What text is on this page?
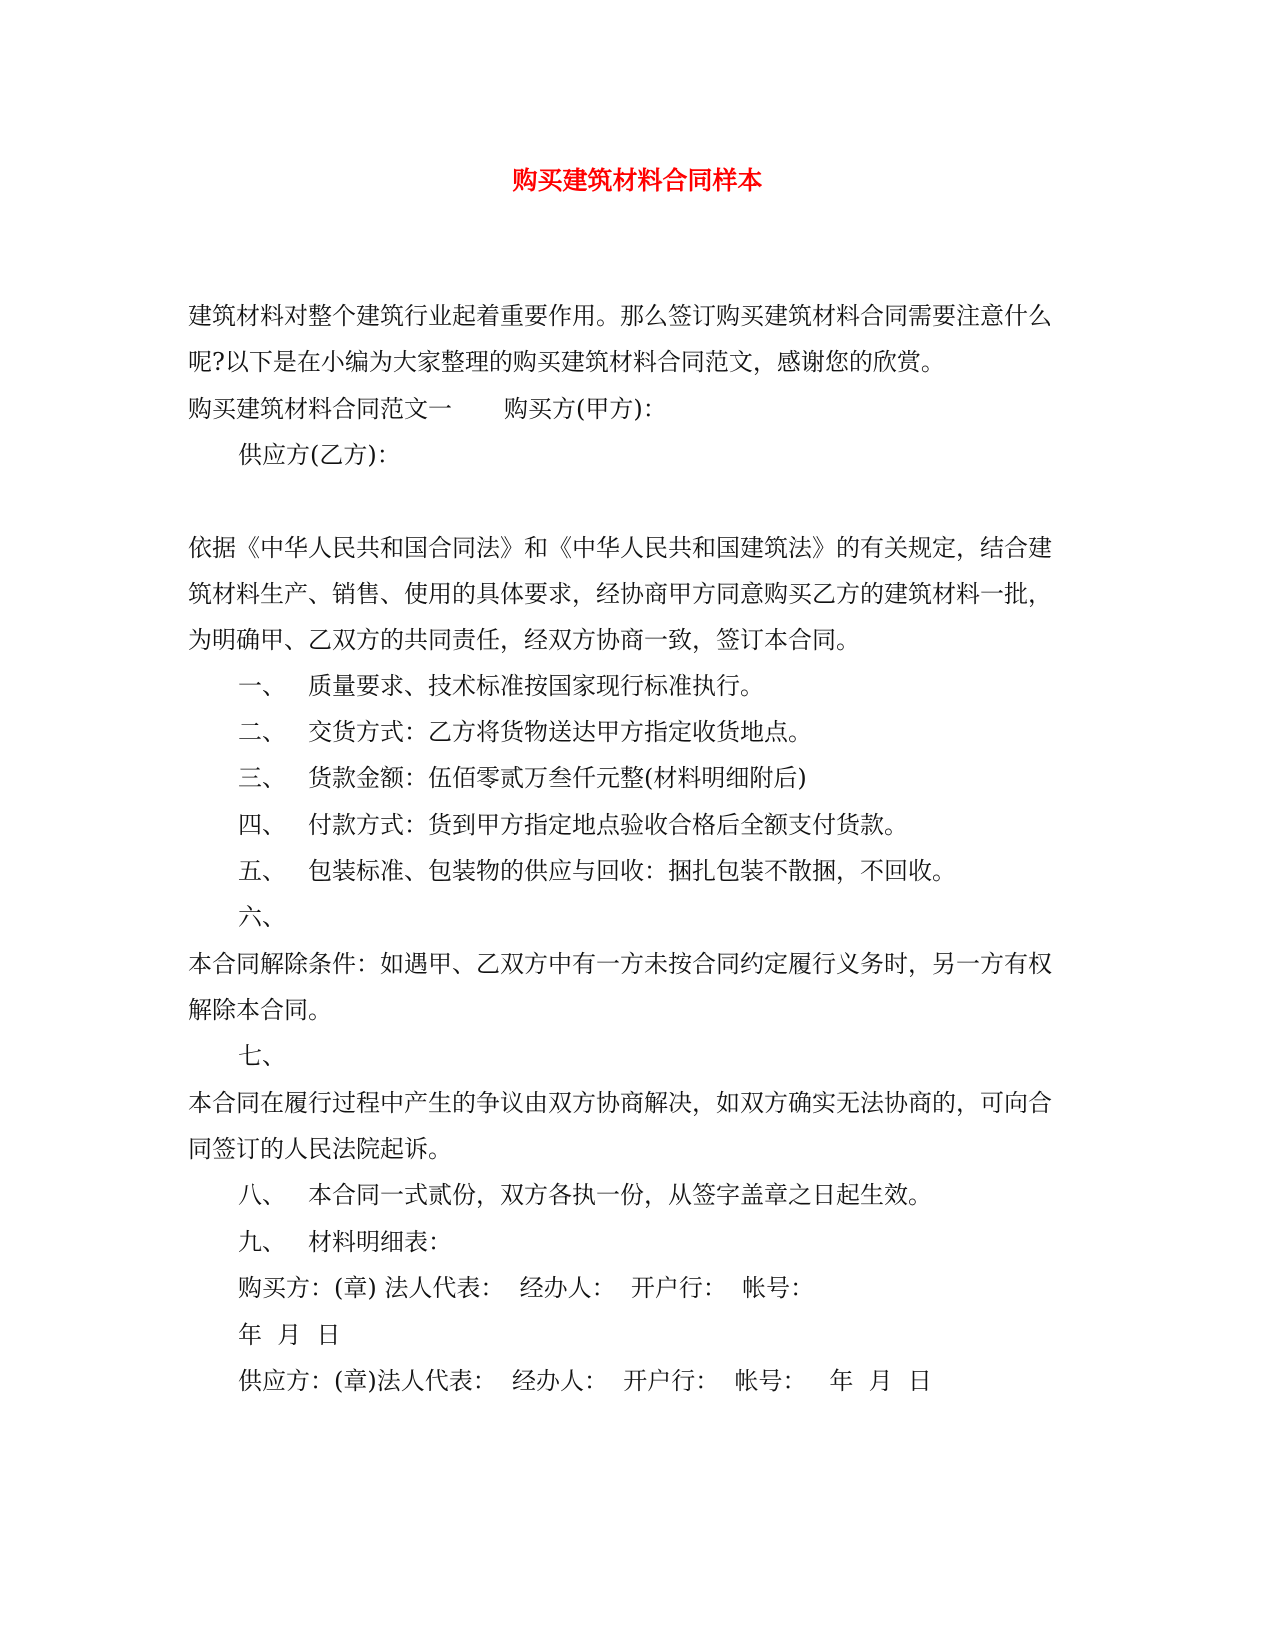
购买建筑材料合同样本
建筑材料对整个建筑行业起着重要作用。那么签订购买建筑材料合同需要注意什么
呢?以下是在小编为大家整理的购买建筑材料合同范文，感谢您的欣赏。
购买建筑材料合同范文一 购买方(甲方)：
供应方(乙方)：
依据《中华人民共和国合同法》和《中华人民共和国建筑法》的有关规定，结合建
筑材料生产、销售、使用的具体要求，经协商甲方同意购买乙方的建筑材料一批，
为明确甲、乙双方的共同责任，经双方协商一致，签订本合同。
一、 质量要求、技术标准按国家现行标准执行。
二、 交货方式：乙方将货物送达甲方指定收货地点。
三、 货款金额：伍佰零贰万叁仟元整(材料明细附后)
四、 付款方式：货到甲方指定地点验收合格后全额支付货款。
五、 包装标准、包装物的供应与回收：捆扎包装不散捆，不回收。
六、
本合同解除条件：如遇甲、乙双方中有一方未按合同约定履行义务时，另一方有权
解除本合同。
七、
本合同在履行过程中产生的争议由双方协商解决，如双方确实无法协商的，可向合
同签订的人民法院起诉。
八、 本合同一式贰份，双方各执一份，从签字盖章之日起生效。
九、 材料明细表：
购买方：(章) 法人代表：  经办人：  开户行：  帐号：
年  月  日
供应方：(章)法人代表：  经办人：  开户行：  帐号：   年  月  日
